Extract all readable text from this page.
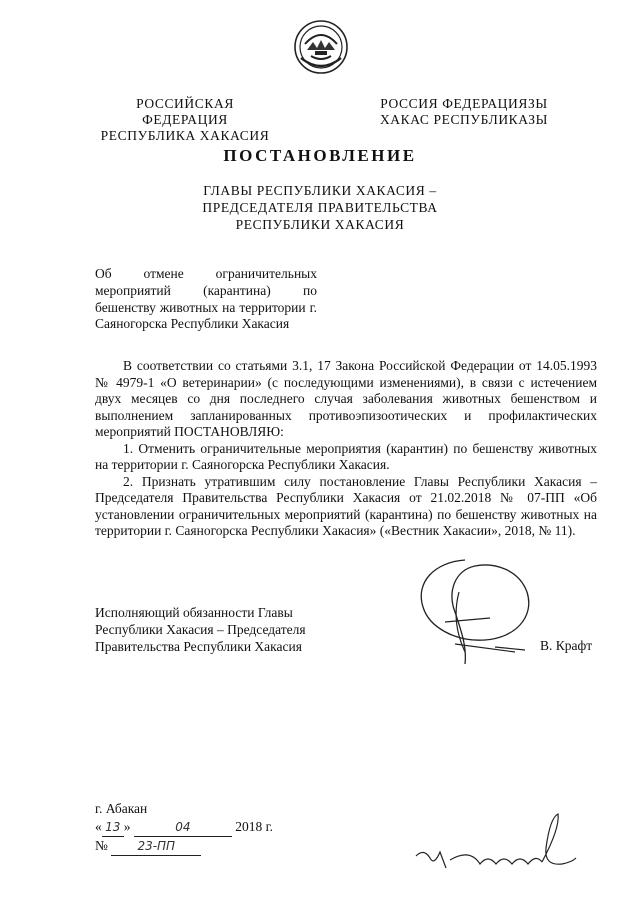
РОССИЙСКАЯ ФЕДЕРАЦИЯ
РЕСПУБЛИКА ХАКАСИЯ
РОССИЯ ФЕДЕРАЦИЯЗЫ
ХАКАС РЕСПУБЛИКАЗЫ
ПОСТАНОВЛЕНИЕ
ГЛАВЫ РЕСПУБЛИКИ ХАКАСИЯ –
ПРЕДСЕДАТЕЛЯ ПРАВИТЕЛЬСТВА
РЕСПУБЛИКИ ХАКАСИЯ
Об отмене ограничительных мероприятий (карантина) по бешенству животных на территории г. Саяногорска Республики Хакасия

В соответствии со статьями 3.1, 17 Закона Российской Федерации от 14.05.1993 № 4979-1 «О ветеринарии» (с последующими изменениями), в связи с истечением двух месяцев со дня последнего случая заболевания животных бешенством и выполнением запланированных противоэпизоотических и профилактических мероприятий ПОСТАНОВЛЯЮ:

1. Отменить ограничительные мероприятия (карантин) по бешенству животных на территории г. Саяногорска Республики Хакасия.

2. Признать утратившим силу постановление Главы Республики Хакасия – Председателя Правительства Республики Хакасия от 21.02.2018 № 07-ПП «Об установлении ограничительных мероприятий (карантина) по бешенству животных на территории г. Саяногорска Республики Хакасия» («Вестник Хакасии», 2018, № 11).

Исполняющий обязанности Главы
Республики Хакасия – Председателя
Правительства Республики Хакасия	В. Крафт
г. Абакан
« 13 »	04	2018 г.
№ 23-ПП
